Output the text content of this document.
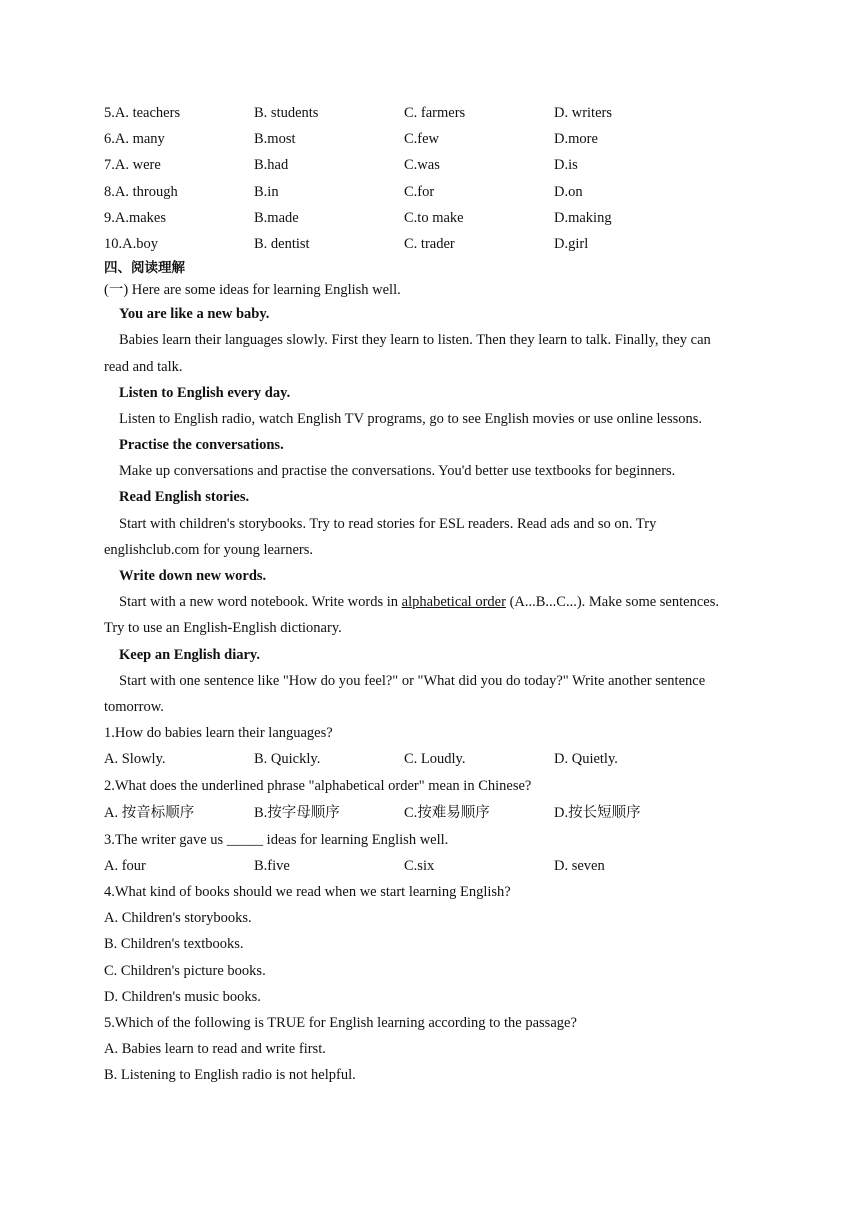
5.A. teachers	B. students	C. farmers	D. writers
6.A. many	B.most	C.few	D.more
7.A. were	B.had	C.was	D.is
8.A. through	B.in	C.for	D.on
9.A.makes	B.made	C.to make	D.making
10.A.boy	B. dentist	C. trader	D.girl
四、阅读理解
(一) Here are some ideas for learning English well.
You are like a new baby.
Babies learn their languages slowly. First they learn to listen. Then they learn to talk. Finally, they can
read and talk.
Listen to English every day.
Listen to English radio, watch English TV programs, go to see English movies or use online lessons.
Practise the conversations.
Make up conversations and practise the conversations. You'd better use textbooks for beginners.
Read English stories.
Start with children's storybooks. Try to read stories for ESL readers. Read ads and so on. Try
englishclub.com for young learners.
Write down new words.
Start with a new word notebook. Write words in alphabetical order (A...B...C...). Make some sentences.
Try to use an English-English dictionary.
Keep an English diary.
Start with one sentence like "How do you feel?" or "What did you do today?" Write another sentence
tomorrow.
1.How do babies learn their languages?
A. Slowly.	B. Quickly.	C. Loudly.	D. Quietly.
2.What does the underlined phrase "alphabetical order" mean in Chinese?
A. 按音标顺序	B.按字母顺序	C.按难易顺序	D.按长短顺序
3.The writer gave us _____ ideas for learning English well.
A. four	B.five	C.six	D. seven
4.What kind of books should we read when we start learning English?
A. Children's storybooks.
B. Children's textbooks.
C. Children's picture books.
D. Children's music books.
5.Which of the following is TRUE for English learning according to the passage?
A. Babies learn to read and write first.
B. Listening to English radio is not helpful.
